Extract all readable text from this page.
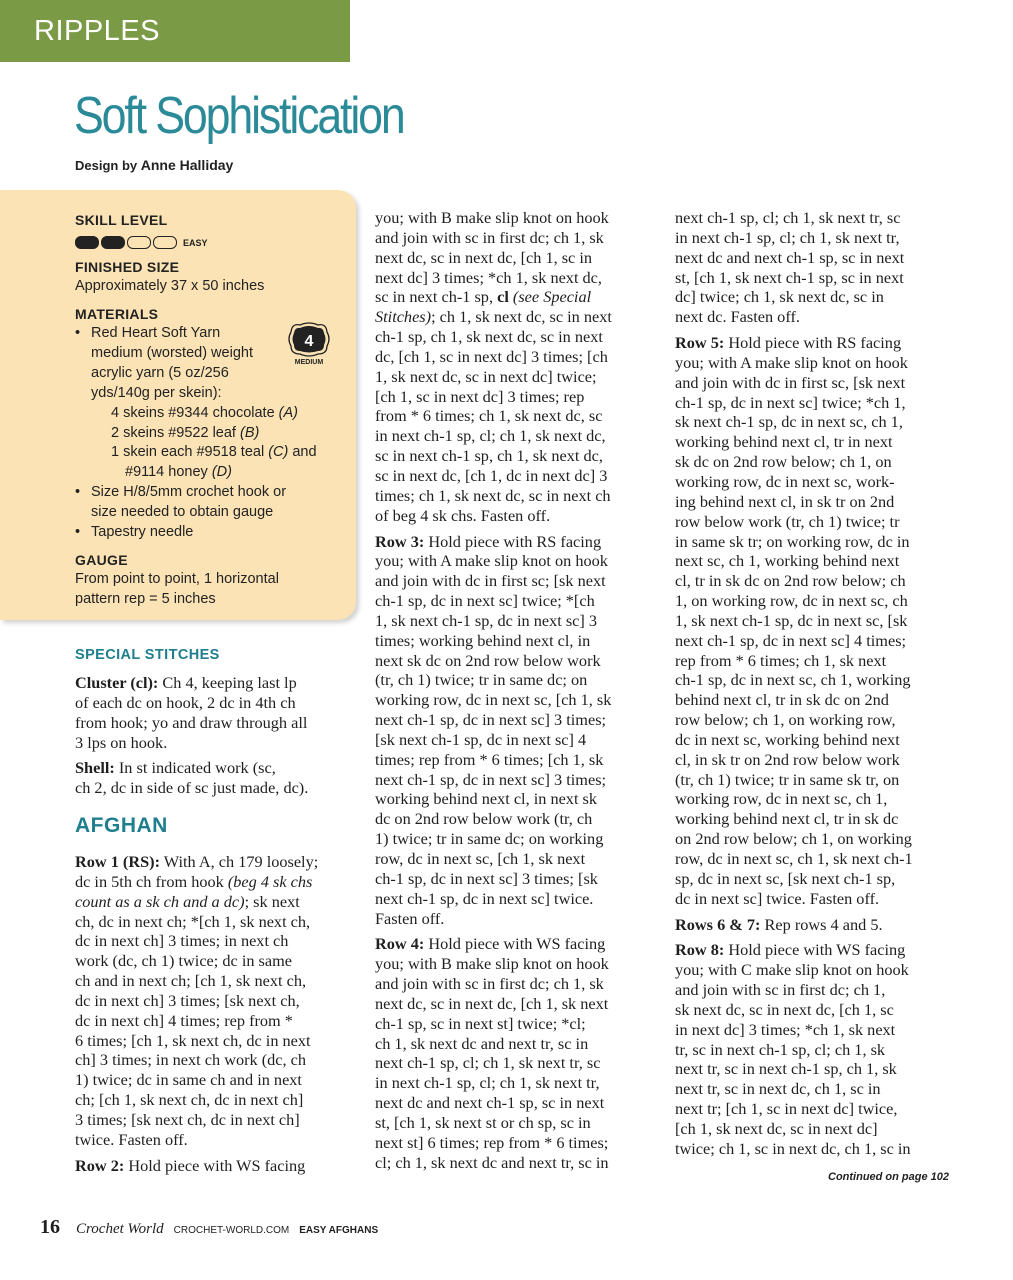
RIPPLES
Soft Sophistication
Design by Anne Halliday
SKILL LEVEL
EASY
FINISHED SIZE
Approximately 37 x 50 inches
MATERIALS
• Red Heart Soft Yarn
medium (worsted) weight
acrylic yarn (5 oz/256
yds/140g per skein):
4 skeins #9344 chocolate (A)
2 skeins #9522 leaf (B)
1 skein each #9518 teal (C) and
#9114 honey (D)
• Size H/8/5mm crochet hook or
size needed to obtain gauge
• Tapestry needle
4
MEDIUM
GAUGE
From point to point, 1 horizontal
pattern rep = 5 inches
SPECIAL STITCHES
Cluster (cl): Ch 4, keeping last lp
of each dc on hook, 2 dc in 4th ch
from hook; yo and draw through all
3 lps on hook.
Shell: In st indicated work (sc,
ch 2, dc in side of sc just made, dc).
AFGHAN
Row 1 (RS): With A, ch 179 loosely;
dc in 5th ch from hook (beg 4 sk chs
count as a sk ch and a dc); sk next
ch, dc in next ch; *[ch 1, sk next ch,
dc in next ch] 3 times; in next ch
work (dc, ch 1) twice; dc in same
ch and in next ch; [ch 1, sk next ch,
dc in next ch] 3 times; [sk next ch,
dc in next ch] 4 times; rep from *
6 times; [ch 1, sk next ch, dc in next
ch] 3 times; in next ch work (dc, ch
1) twice; dc in same ch and in next
ch; [ch 1, sk next ch, dc in next ch]
3 times; [sk next ch, dc in next ch]
twice. Fasten off.
Row 2: Hold piece with WS facing
you; with B make slip knot on hook
and join with sc in first dc; ch 1, sk
next dc, sc in next dc, [ch 1, sc in
next dc] 3 times; *ch 1, sk next dc,
sc in next ch-1 sp, cl (see Special
Stitches); ch 1, sk next dc, sc in next
ch-1 sp, ch 1, sk next dc, sc in next
dc, [ch 1, sc in next dc] 3 times; [ch
1, sk next dc, sc in next dc] twice;
[ch 1, sc in next dc] 3 times; rep
from * 6 times; ch 1, sk next dc, sc
in next ch-1 sp, cl; ch 1, sk next dc,
sc in next ch-1 sp, ch 1, sk next dc,
sc in next dc, [ch 1, dc in next dc] 3
times; ch 1, sk next dc, sc in next ch
of beg 4 sk chs. Fasten off.
Row 3: Hold piece with RS facing
you; with A make slip knot on hook
and join with dc in first sc; [sk next
ch-1 sp, dc in next sc] twice; *[ch
1, sk next ch-1 sp, dc in next sc] 3
times; working behind next cl, in
next sk dc on 2nd row below work
(tr, ch 1) twice; tr in same dc; on
working row, dc in next sc, [ch 1, sk
next ch-1 sp, dc in next sc] 3 times;
[sk next ch-1 sp, dc in next sc] 4
times; rep from * 6 times; [ch 1, sk
next ch-1 sp, dc in next sc] 3 times;
working behind next cl, in next sk
dc on 2nd row below work (tr, ch
1) twice; tr in same dc; on working
row, dc in next sc, [ch 1, sk next
ch-1 sp, dc in next sc] 3 times; [sk
next ch-1 sp, dc in next sc] twice.
Fasten off.
Row 4: Hold piece with WS facing
you; with B make slip knot on hook
and join with sc in first dc; ch 1, sk
next dc, sc in next dc, [ch 1, sk next
ch-1 sp, sc in next st] twice; *cl;
ch 1, sk next dc and next tr, sc in
next ch-1 sp, cl; ch 1, sk next tr, sc
in next ch-1 sp, cl; ch 1, sk next tr,
next dc and next ch-1 sp, sc in next
st, [ch 1, sk next st or ch sp, sc in
next st] 6 times; rep from * 6 times;
cl; ch 1, sk next dc and next tr, sc in
next ch-1 sp, cl; ch 1, sk next tr, sc
in next ch-1 sp, cl; ch 1, sk next tr,
next dc and next ch-1 sp, sc in next
st, [ch 1, sk next ch-1 sp, sc in next
dc] twice; ch 1, sk next dc, sc in
next dc. Fasten off.
Row 5: Hold piece with RS facing
you; with A make slip knot on hook
and join with dc in first sc, [sk next
ch-1 sp, dc in next sc] twice; *ch 1,
sk next ch-1 sp, dc in next sc, ch 1,
working behind next cl, tr in next
sk dc on 2nd row below; ch 1, on
working row, dc in next sc, work-
ing behind next cl, in sk tr on 2nd
row below work (tr, ch 1) twice; tr
in same sk tr; on working row, dc in
next sc, ch 1, working behind next
cl, tr in sk dc on 2nd row below; ch
1, on working row, dc in next sc, ch
1, sk next ch-1 sp, dc in next sc, [sk
next ch-1 sp, dc in next sc] 4 times;
rep from * 6 times; ch 1, sk next
ch-1 sp, dc in next sc, ch 1, working
behind next cl, tr in sk dc on 2nd
row below; ch 1, on working row,
dc in next sc, working behind next
cl, in sk tr on 2nd row below work
(tr, ch 1) twice; tr in same sk tr, on
working row, dc in next sc, ch 1,
working behind next cl, tr in sk dc
on 2nd row below; ch 1, on working
row, dc in next sc, ch 1, sk next ch-1
sp, dc in next sc, [sk next ch-1 sp,
dc in next sc] twice. Fasten off.
Rows 6 & 7: Rep rows 4 and 5.
Row 8: Hold piece with WS facing
you; with C make slip knot on hook
and join with sc in first dc; ch 1,
sk next dc, sc in next dc, [ch 1, sc
in next dc] 3 times; *ch 1, sk next
tr, sc in next ch-1 sp, cl; ch 1, sk
next tr, sc in next ch-1 sp, ch 1, sk
next tr, sc in next dc, ch 1, sc in
next tr; [ch 1, sc in next dc] twice,
[ch 1, sk next dc, sc in next dc]
twice; ch 1, sc in next dc, ch 1, sc in
Continued on page 102
16 Crochet World CROCHET-WORLD.COM EASY AFGHANS
